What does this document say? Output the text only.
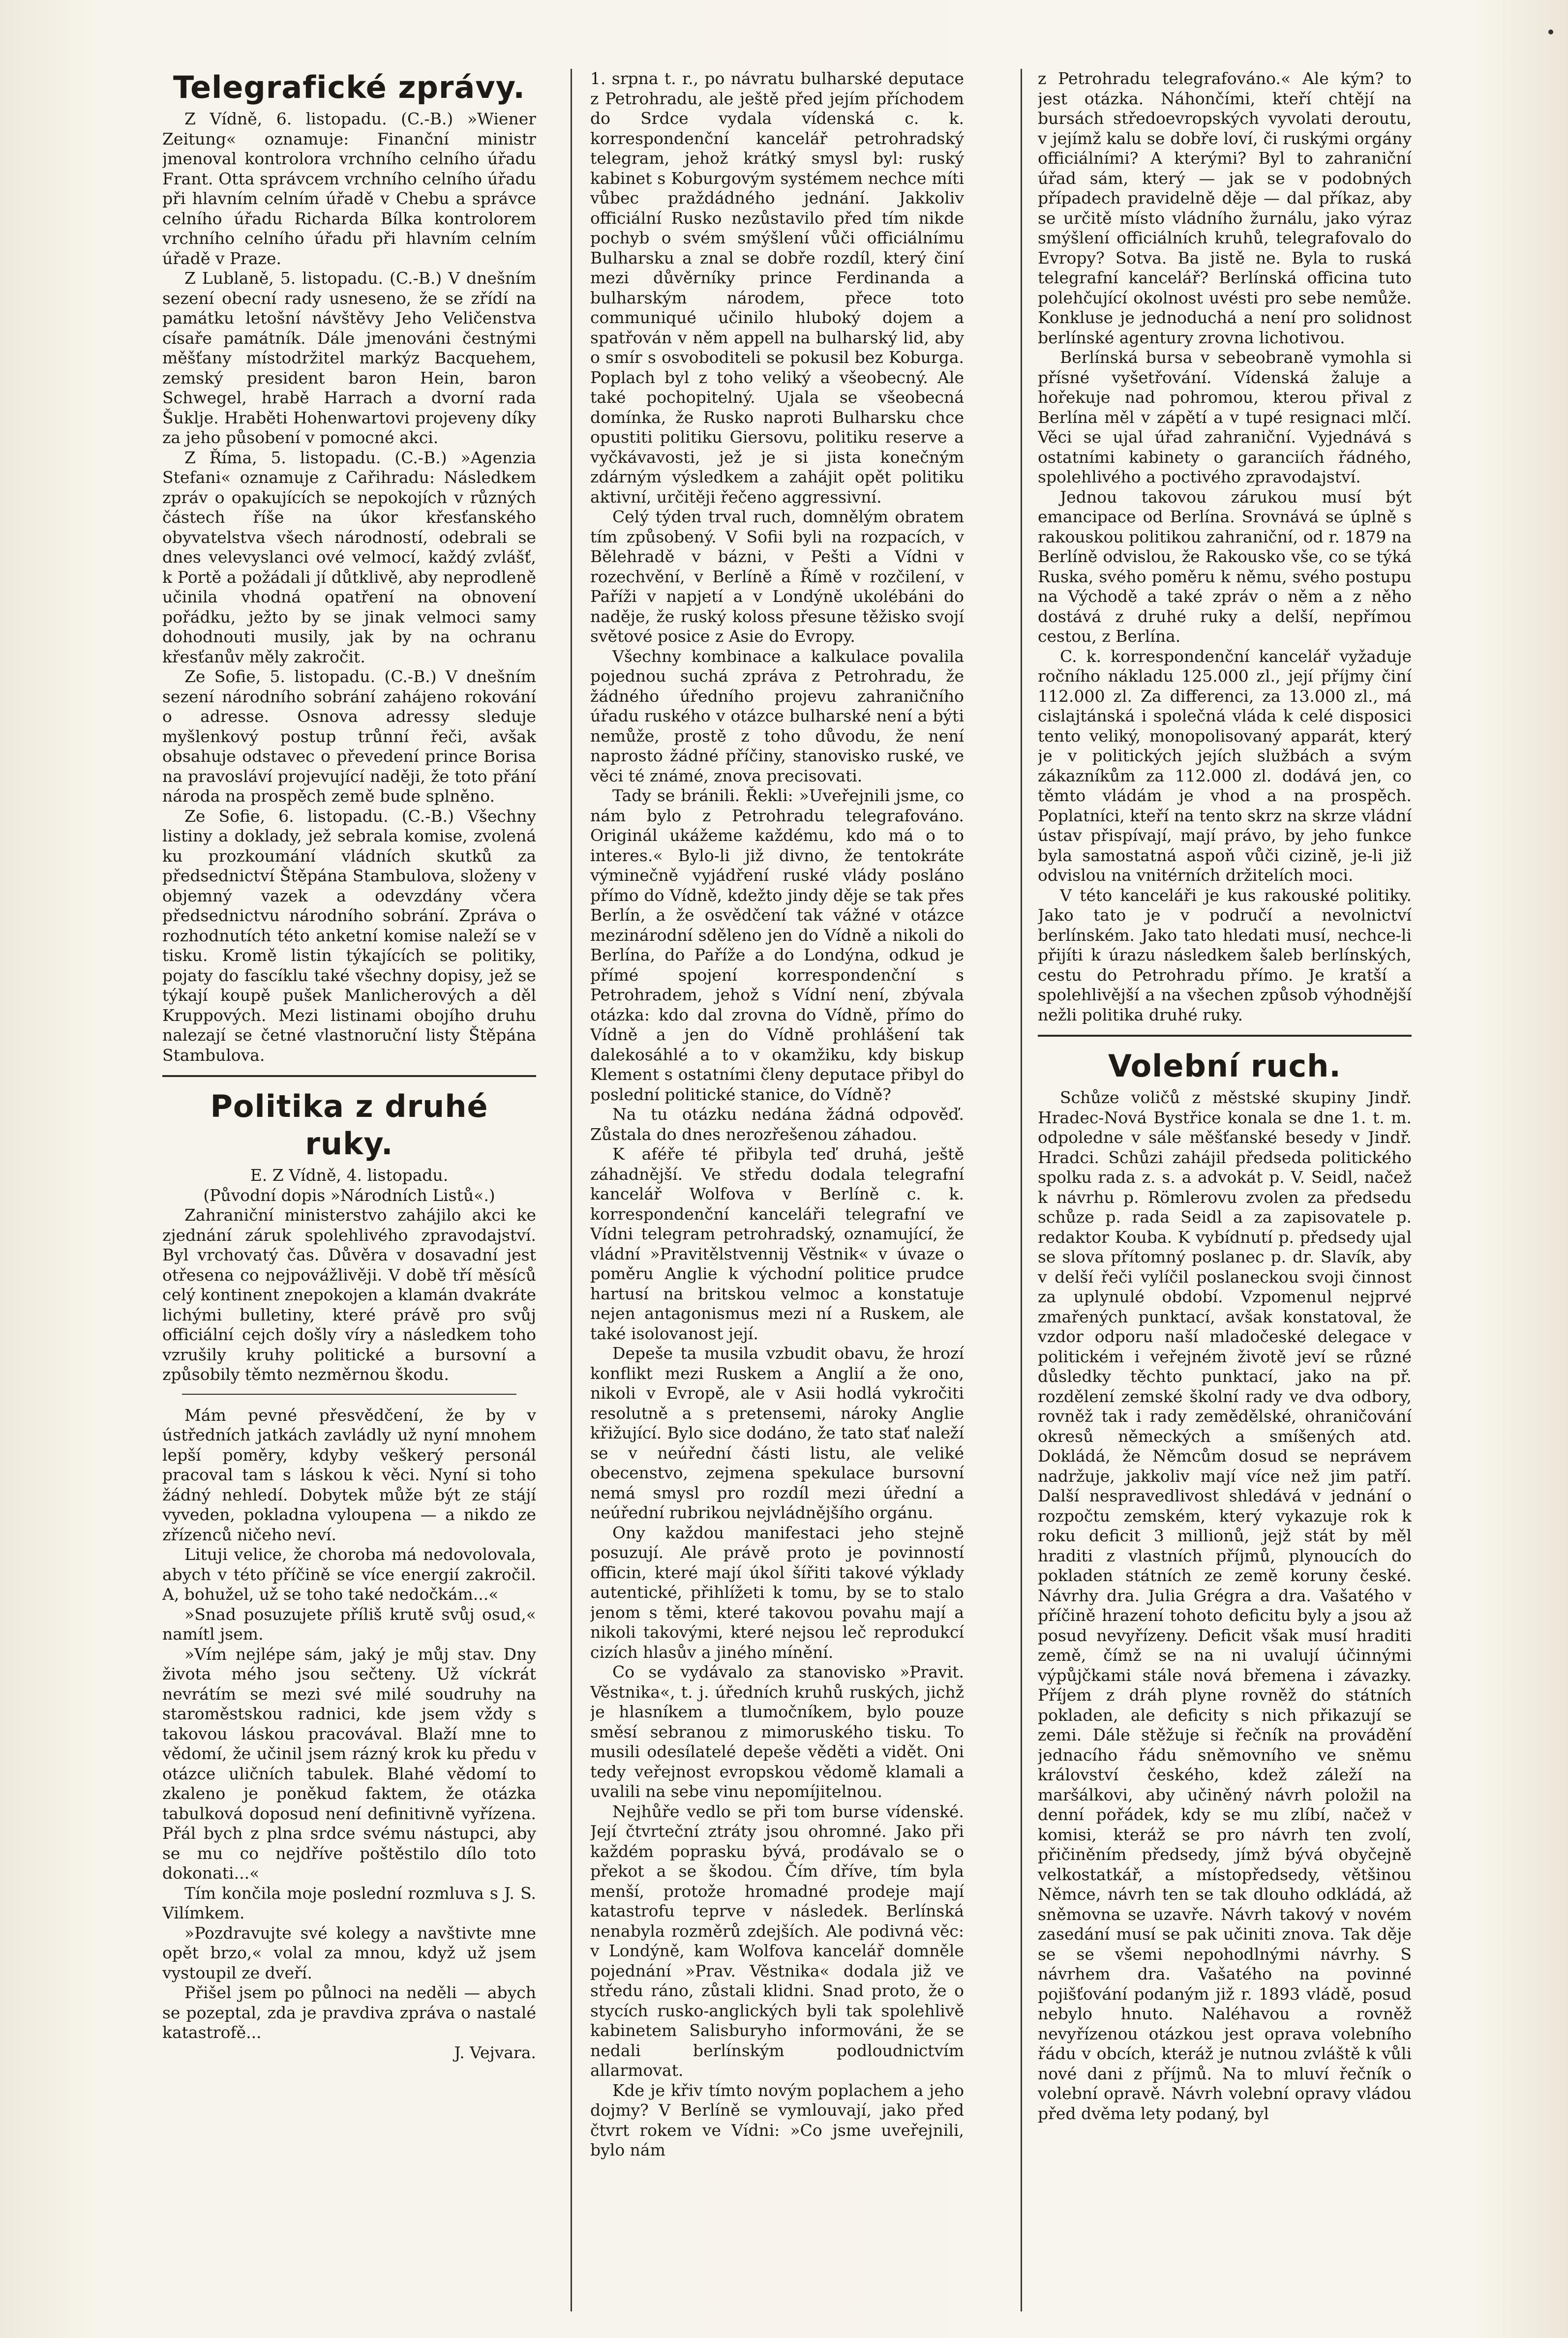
Telegrafické zprávy.

Z Vídně, 6. listopadu. (C.-B.) »Wiener Zeitung« oznamuje: Finanční ministr jmenoval kontrolora vrchního celního úřadu Frant. Otta správcem vrchního celního úřadu při hlavním celním úřadě v Chebu a správce celního úřadu Richarda Bílka kontrolorem vrchního celního úřadu při hlavním celním úřadě v Praze.

Z Lublaně, 5. listopadu. (C.-B.) V dnešním sezení obecní rady usneseno, že se zřídí na památku letošní návštěvy Jeho Veličenstva císaře památník. Dále jmenováni čestnými měšťany místodržitel markýz Bacquehem, zemský president baron Hein, baron Schwegel, hrabě Harrach a dvorní rada Šuklje. Hraběti Hohenwartovi projeveny díky za jeho působení v pomocné akci.

Z Říma, 5. listopadu. (C.-B.) »Agenzia Stefani« oznamuje z Cařihradu: Následkem zpráv o opakujících se nepokojích v různých částech říše na úkor křesťanského obyvatelstva všech národností, odebrali se dnes velevyslanci ové velmocí, každý zvlášť, k Portě a požádali jí důtklivě, aby neprodleně učinila vhodná opatření na obnovení pořádku, ježto by se jinak velmoci samy dohodnouti musily, jak by na ochranu křesťanův měly zakročit.

Ze Sofie, 5. listopadu. (C.-B.) V dnešním sezení národního sobrání zahájeno rokování o adresse. Osnova adressy sleduje myšlenkový postup trůnní řeči, avšak obsahuje odstavec o převedení prince Borisa na pravosláví projevující naději, že toto přání národa na prospěch země bude splněno.

Ze Sofie, 6. listopadu. (C.-B.) Všechny listiny a doklady, jež sebrala komise, zvolená ku prozkoumání vládních skutků za předsednictví Štěpána Stambulova, složeny v objemný vazek a odevzdány včera předsednictvu národního sobrání. Zpráva o rozhodnutích této anketní komise naleží se v tisku. Kromě listin týkajících se politiky, pojaty do fascíklu také všechny dopisy, jež se týkají koupě pušek Manlicherových a děl Kruppových. Mezi listinami obojího druhu nalezají se četné vlastnoruční listy Štěpána Stambulova.

Politika z druhé ruky.

E. Z Vídně, 4. listopadu.

(Původní dopis »Národních Listů«.)

Zahraniční ministerstvo zahájilo akci ke zjednání záruk spolehlivého zpravodajství. Byl vrchovatý čas. Důvěra v dosavadní jest otřesena co nejpovážlivěji. V době tří měsíců celý kontinent znepokojen a klamán dvakráte lichými bulletiny, které právě pro svůj officiální cejch došly víry a následkem toho vzrušily kruhy politické a bursovní a způsobily těmto nezměrnou škodu.

Mám pevné přesvědčení, že by v ústředních jatkách zavládly už nyní mnohem lepší poměry, kdyby veškerý personál pracoval tam s láskou k věci. Nyní si toho žádný nehledí. Dobytek může být ze stájí vyveden, pokladna vyloupena — a nikdo ze zřízenců ničeho neví.

Lituji velice, že choroba má nedovolovala, abych v této příčině se více energií zakročil. A, bohužel, už se toho také nedočkám...«

»Snad posuzujete příliš krutě svůj osud,« namítl jsem.

»Vím nejlépe sám, jaký je můj stav. Dny života mého jsou sečteny. Už víckrát nevrátím se mezi své milé soudruhy na staroměstskou radnici, kde jsem vždy s takovou láskou pracovával. Blaží mne to vědomí, že učinil jsem rázný krok ku předu v otázce uličních tabulek. Blahé vědomí to zkaleno je poněkud faktem, že otázka tabulková doposud není definitivně vyřízena. Přál bych z plna srdce svému nástupci, aby se mu co nejdříve poštěstilo dílo toto dokonati...«

Tím končila moje poslední rozmluva s J. S. Vilímkem.

»Pozdravujte své kolegy a navštivte mne opět brzo,« volal za mnou, když už jsem vystoupil ze dveří.

Přišel jsem po půlnoci na neděli — abych se pozeptal, zda je pravdiva zpráva o nastalé katastrofě...

J. Vejvara.

1. srpna t. r., po návratu bulharské deputace z Petrohradu, ale ještě před jejím příchodem do Srdce vydala vídenská c. k. korrespondenční kancelář petrohradský telegram, jehož krátký smysl byl: ruský kabinet s Koburgovým systémem nechce míti vůbec praždádného jednání. Jakkoliv officiální Rusko nezůstavilo před tím nikde pochyb o svém smýšlení vůči officiálnímu Bulharsku a znal se dobře rozdíl, který činí mezi důvěrníky prince Ferdinanda a bulharským národem, přece toto communiqué učinilo hluboký dojem a spatřován v něm appell na bulharský lid, aby o smír s osvoboditeli se pokusil bez Koburga. Poplach byl z toho veliký a všeobecný. Ale také pochopitelný. Ujala se všeobecná domínka, že Rusko naproti Bulharsku chce opustiti politiku Giersovu, politiku reserve a vyčkávavosti, jež je si jista konečným zdárným výsledkem a zahájit opět politiku aktivní, určitěji řečeno aggressivní.

Celý týden trval ruch, domnělým obratem tím způsobený. V Sofii byli na rozpacích, v Bělehradě v bázni, v Pešti a Vídni v rozechvění, v Berlíně a Římě v rozčilení, v Paříži v napjetí a v Londýně ukolébáni do naděje, že ruský koloss přesune těžisko svojí světové posice z Asie do Evropy.

Všechny kombinace a kalkulace povalila pojednou suchá zpráva z Petrohradu, že žádného úředního projevu zahraničního úřadu ruského v otázce bulharské není a býti nemůže, prostě z toho důvodu, že není naprosto žádné příčiny, stanovisko ruské, ve věci té známé, znova precisovati.

Tady se bránili. Řekli: »Uveřejnili jsme, co nám bylo z Petrohradu telegrafováno. Originál ukážeme každému, kdo má o to interes.« Bylo-li již divno, že tentokráte výminečně vyjádření ruské vlády posláno přímo do Vídně, kdežto jindy děje se tak přes Berlín, a že osvědčení tak vážné v otázce mezinárodní sděleno jen do Vídně a nikoli do Berlína, do Paříže a do Londýna, odkud je přímé spojení korrespondenční s Petrohradem, jehož s Vídní není, zbývala otázka: kdo dal zrovna do Vídně, přímo do Vídně a jen do Vídně prohlášení tak dalekosáhlé a to v okamžiku, kdy biskup Klement s ostatními členy deputace přibyl do poslední politické stanice, do Vídně?

Na tu otázku nedána žádná odpověď. Zůstala do dnes nerozřešenou záhadou.

K aféře té přibyla teď druhá, ještě záhadnější. Ve středu dodala telegrafní kancelář Wolfova v Berlíně c. k. korrespondenční kanceláři telegrafní ve Vídni telegram petrohradský, oznamující, že vládní »Pravitělstvennij Věstnik« v úvaze o poměru Anglie k východní politice prudce hartusí na britskou velmoc a konstatuje nejen antagonismus mezi ní a Ruskem, ale také isolovanost její.

Depeše ta musila vzbudit obavu, že hrozí konflikt mezi Ruskem a Anglií a že ono, nikoli v Evropě, ale v Asii hodlá vykročiti resolutně a s pretensemi, nároky Anglie křižující. Bylo sice dodáno, že tato stať naleží se v neúřední části listu, ale veliké obecenstvo, zejmena spekulace bursovní nemá smysl pro rozdíl mezi úřední a neúřední rubrikou nejvládnějšího orgánu.

Ony každou manifestaci jeho stejně posuzují. Ale právě proto je povinností officin, které mají úkol šířiti takové výklady autentické, přihlížeti k tomu, by se to stalo jenom s těmi, které takovou povahu mají a nikoli takovými, které nejsou leč reprodukcí cizích hlasův a jiného mínění.

Co se vydávalo za stanovisko »Pravit. Věstnika«, t. j. úředních kruhů ruských, jichž je hlasníkem a tlumočníkem, bylo pouze směsí sebranou z mimoruského tisku. To musili odesílatelé depeše věděti a vidět. Oni tedy veřejnost evropskou vědomě klamali a uvalili na sebe vinu nepomíjitelnou.

Nejhůře vedlo se při tom burse vídenské. Její čtvrteční ztráty jsou ohromné. Jako při každém poprasku bývá, prodávalo se o překot a se škodou. Čím dříve, tím byla menší, protože hromadné prodeje mají katastrofu teprve v následek. Berlínská nenabyla rozměrů zdejších. Ale podivná věc: v Londýně, kam Wolfova kancelář domněle pojednání »Prav. Věstnika« dodala již ve středu ráno, zůstali klidni. Snad proto, že o stycích rusko-anglických byli tak spolehlivě kabinetem Salisburyho informováni, že se nedali berlínským podloudnictvím allarmovat.

Kde je křiv tímto novým poplachem a jeho dojmy? V Berlíně se vymlouvají, jako před čtvrt rokem ve Vídni: »Co jsme uveřejnili, bylo nám

z Petrohradu telegrafováno.« Ale kým? to jest otázka. Náhončími, kteří chtějí na bursách středoevropských vyvolati deroutu, v jejímž kalu se dobře loví, či ruskými orgány officiálními? A kterými? Byl to zahraniční úřad sám, který — jak se v podobných případech pravidelně děje — dal příkaz, aby se určitě místo vládního žurnálu, jako výraz smýšlení officiálních kruhů, telegrafovalo do Evropy? Sotva. Ba jistě ne. Byla to ruská telegrafní kancelář? Berlínská officina tuto polehčující okolnost uvésti pro sebe nemůže. Konkluse je jednoduchá a není pro solidnost berlínské agentury zrovna lichotivou.

Berlínská bursa v sebeobraně vymohla si přísné vyšetřování. Vídenská žaluje a hořekuje nad pohromou, kterou přival z Berlína měl v zápětí a v tupé resignaci mlčí. Věci se ujal úřad zahraniční. Vyjednává s ostatními kabinety o garanciích řádného, spolehlivého a poctivého zpravodajství.

Jednou takovou zárukou musí být emancipace od Berlína. Srovnává se úplně s rakouskou politikou zahraniční, od r. 1879 na Berlíně odvislou, že Rakousko vše, co se týká Ruska, svého poměru k němu, svého postupu na Východě a také zpráv o něm a z něho dostává z druhé ruky a delší, nepřímou cestou, z Berlína.

C. k. korrespondenční kancelář vyžaduje ročního nákladu 125.000 zl., její příjmy činí 112.000 zl. Za differenci, za 13.000 zl., má cislajtánská i společná vláda k celé disposici tento veliký, monopolisovaný apparát, který je v politických jejích službách a svým zákazníkům za 112.000 zl. dodává jen, co těmto vládám je vhod a na prospěch. Poplatníci, kteří na tento skrz na skrze vládní ústav přispívají, mají právo, by jeho funkce byla samostatná aspoň vůči cizině, je-li již odvislou na vnitérních držitelích moci.

V této kanceláři je kus rakouské politiky. Jako tato je v područí a nevolnictví berlínském. Jako tato hledati musí, nechce-li přijíti k úrazu následkem šaleb berlínských, cestu do Petrohradu přímo. Je kratší a spolehlivější a na všechen způsob výhodnější nežli politika druhé ruky.

Volební ruch.

Schůze voličů z městské skupiny Jindř. Hradec-Nová Bystřice konala se dne 1. t. m. odpoledne v sále měšťanské besedy v Jindř. Hradci. Schůzi zahájil předseda politického spolku rada z. s. a advokát p. V. Seidl, načež k návrhu p. Römlerovu zvolen za předsedu schůze p. rada Seidl a za zapisovatele p. redaktor Kouba. K vybídnutí p. předsedy ujal se slova přítomný poslanec p. dr. Slavík, aby v delší řeči vylíčil poslaneckou svoji činnost za uplynulé období. Vzpomenul nejprvé zmařených punktací, avšak konstatoval, že vzdor odporu naší mladočeské delegace v politickém i veřejném životě jeví se různé důsledky těchto punktací, jako na př. rozdělení zemské školní rady ve dva odbory, rovněž tak i rady zemědělské, ohraničování okresů německých a smíšených atd. Dokládá, že Němcům dosud se neprávem nadržuje, jakkoliv mají více než jim patří. Další nespravedlivost shledává v jednání o rozpočtu zemském, který vykazuje rok k roku deficit 3 millionů, jejž stát by měl hraditi z vlastních příjmů, plynoucích do pokladen státních ze země koruny české. Návrhy dra. Julia Grégra a dra. Vašatého v příčině hrazení tohoto deficitu byly a jsou až posud nevyřízeny. Deficit však musí hraditi země, čímž se na ni uvalují účinnými výpůjčkami stále nová břemena i závazky. Příjem z dráh plyne rovněž do státních pokladen, ale deficity s nich přikazují se zemi. Dále stěžuje si řečník na provádění jednacího řádu sněmovního ve sněmu království českého, kdež záleží na maršálkovi, aby učiněný návrh položil na denní pořádek, kdy se mu zlíbí, načež v komisi, kteráž se pro návrh ten zvolí, přičiněním předsedy, jímž bývá obyčejně velkostatkář, a místopředsedy, většinou Němce, návrh ten se tak dlouho odkládá, až sněmovna se uzavře. Návrh takový v novém zasedání musí se pak učiniti znova. Tak děje se se všemi nepohodlnými návrhy. S návrhem dra. Vašatého na povinné pojišťování podaným již r. 1893 vládě, posud nebylo hnuto. Naléhavou a rovněž nevyřízenou otázkou jest oprava volebního řádu v obcích, kteráž je nutnou zvláště k vůli nové dani z příjmů. Na to mluví řečník o volební opravě. Návrh volební opravy vládou před dvěma lety podaný, byl
